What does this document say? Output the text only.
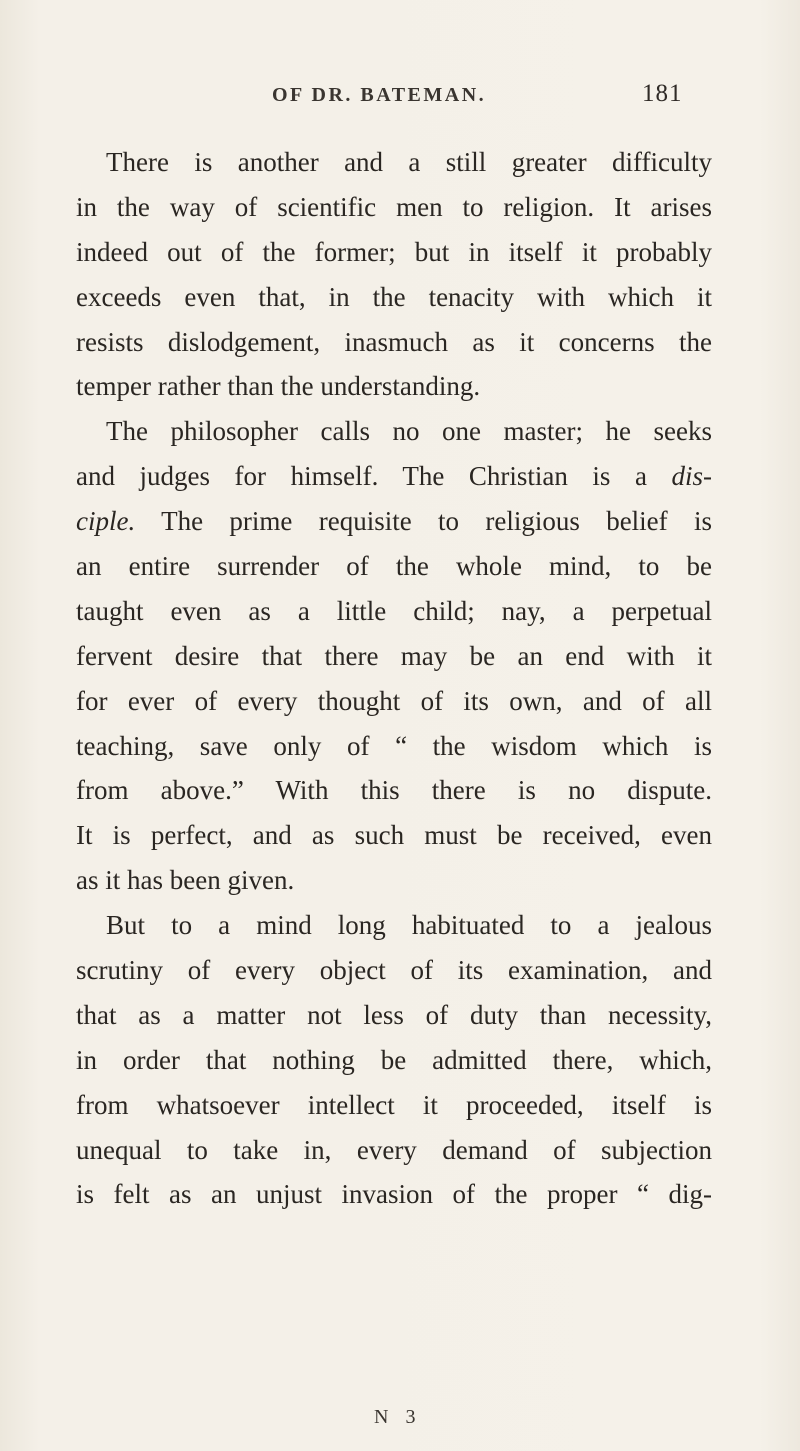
OF DR. BATEMAN.	181
There is another and a still greater difficulty
in the way of scientific men to religion. It arises
indeed out of the former; but in itself it probably
exceeds even that, in the tenacity with which it
resists dislodgement, inasmuch as it concerns the
temper rather than the understanding.
The philosopher calls no one master; he seeks
and judges for himself. The Christian is a dis-
ciple. The prime requisite to religious belief is
an entire surrender of the whole mind, to be
taught even as a little child; nay, a perpetual
fervent desire that there may be an end with it
for ever of every thought of its own, and of all
teaching, save only of “ the wisdom which is
from above.” With this there is no dispute.
It is perfect, and as such must be received, even
as it has been given.
But to a mind long habituated to a jealous
scrutiny of every object of its examination, and
that as a matter not less of duty than necessity,
in order that nothing be admitted there, which,
from whatsoever intellect it proceeded, itself is
unequal to take in, every demand of subjection
is felt as an unjust invasion of the proper “ dig-
N 3
